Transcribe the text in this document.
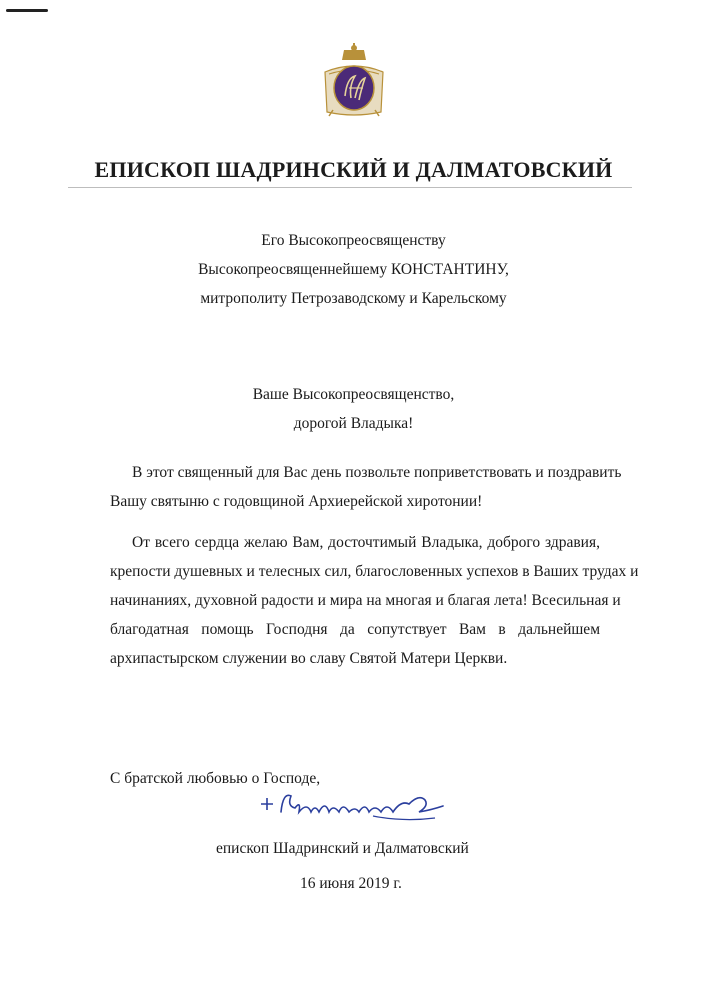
ЕПИСКОП ШАДРИНСКИЙ И ДАЛМАТОВСКИЙ
Его Высокопреосвященству
Высокопреосвященнейшему КОНСТАНТИНУ,
митрополиту Петрозаводскому и Карельскому
Ваше Высокопреосвященство,
дорогой Владыка!
В этот священный для Вас день позвольте поприветствовать и поздравить
Вашу святыню с годовщиной Архиерейской хиротонии!
От всего сердца желаю Вам, досточтимый Владыка, доброго здравия,
крепости душевных и телесных сил, благословенных успехов в Ваших трудах и
начинаниях, духовной радости и мира на многая и благая лета! Всесильная и
благодатная помощь Господня да сопутствует Вам в дальнейшем
архипастырском служении во славу Святой Матери Церкви.
С братской любовью о Господе,
епископ Шадринский и Далматовский
16 июня 2019 г.
